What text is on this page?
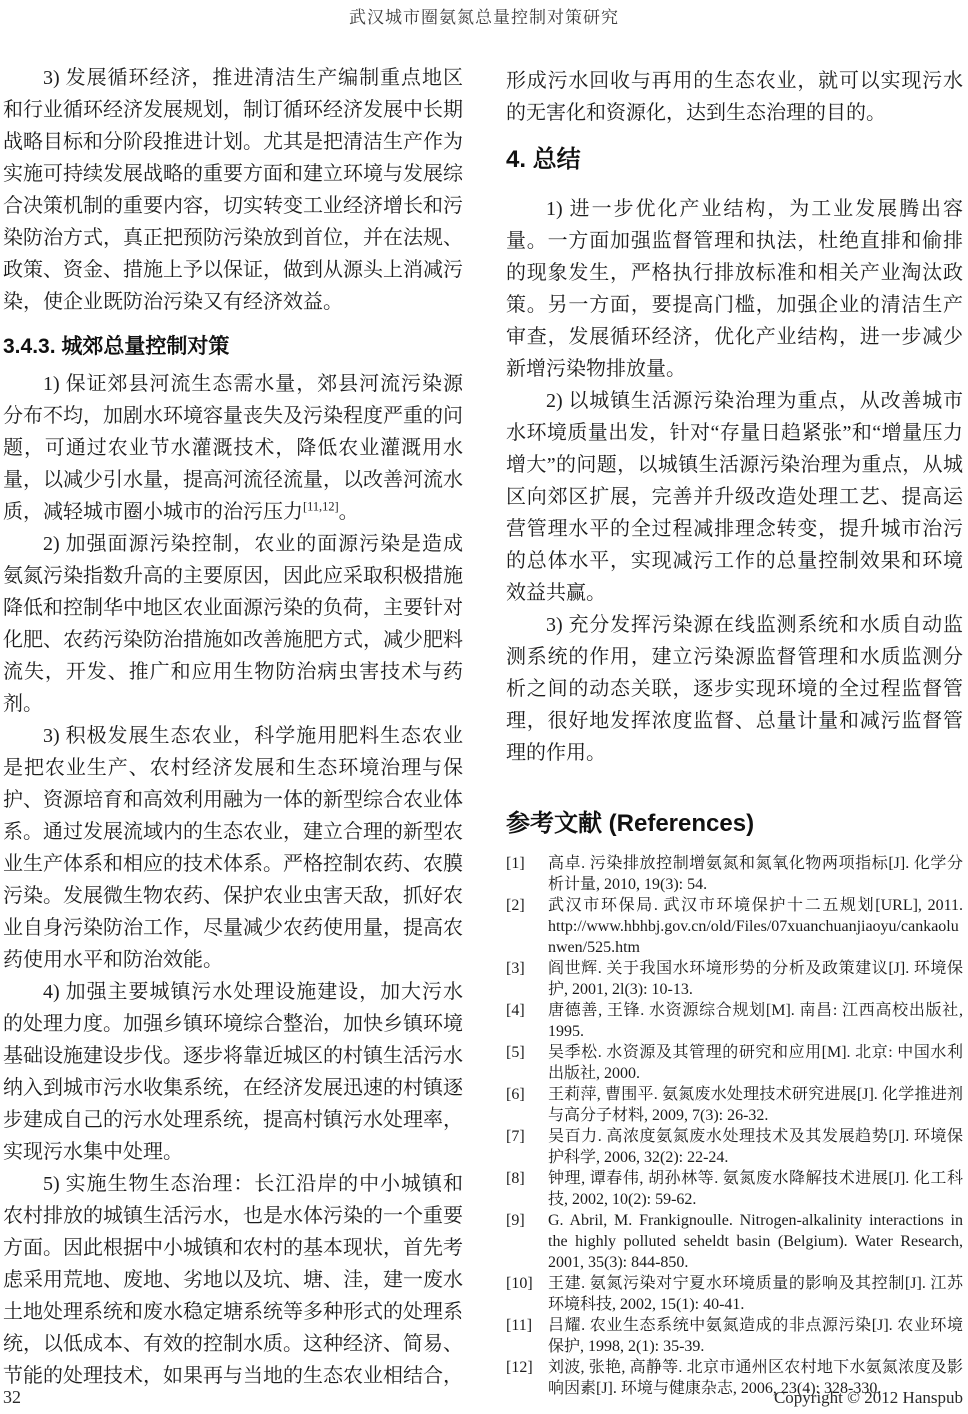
武汉城市圈氨氮总量控制对策研究

3) 发展循环经济，推进清洁生产编制重点地区和行业循环经济发展规划，制订循环经济发展中长期战略目标和分阶段推进计划。尤其是把清洁生产作为实施可持续发展战略的重要方面和建立环境与发展综合决策机制的重要内容，切实转变工业经济增长和污染防治方式，真正把预防污染放到首位，并在法规、政策、资金、措施上予以保证，做到从源头上消减污染，使企业既防治污染又有经济效益。

3.4.3. 城郊总量控制对策

1) 保证郊县河流生态需水量，郊县河流污染源分布不均，加剧水环境容量丧失及污染程度严重的问题，可通过农业节水灌溉技术，降低农业灌溉用水量，以减少引水量，提高河流径流量，以改善河流水质，减轻城市圈小城市的治污压力[11,12]。

2) 加强面源污染控制，农业的面源污染是造成氨氮污染指数升高的主要原因，因此应采取积极措施降低和控制华中地区农业面源污染的负荷，主要针对化肥、农药污染防治措施如改善施肥方式，减少肥料流失，开发、推广和应用生物防治病虫害技术与药剂。

3) 积极发展生态农业，科学施用肥料生态农业是把农业生产、农村经济发展和生态环境治理与保护、资源培育和高效利用融为一体的新型综合农业体系。通过发展流域内的生态农业，建立合理的新型农业生产体系和相应的技术体系。严格控制农药、农膜污染。发展微生物农药、保护农业虫害天敌，抓好农业自身污染防治工作，尽量减少农药使用量，提高农药使用水平和防治效能。

4) 加强主要城镇污水处理设施建设，加大污水的处理力度。加强乡镇环境综合整治，加快乡镇环境基础设施建设步伐。逐步将靠近城区的村镇生活污水纳入到城市污水收集系统，在经济发展迅速的村镇逐步建成自己的污水处理系统，提高村镇污水处理率，实现污水集中处理。

5) 实施生物生态治理：长江沿岸的中小城镇和农村排放的城镇生活污水，也是水体污染的一个重要方面。因此根据中小城镇和农村的基本现状，首先考虑采用荒地、废地、劣地以及坑、塘、洼，建一废水土地处理系统和废水稳定塘系统等多种形式的处理系统，以低成本、有效的控制水质。这种经济、简易、节能的处理技术，如果再与当地的生态农业相结合，

形成污水回收与再用的生态农业，就可以实现污水的无害化和资源化，达到生态治理的目的。

4. 总结

1) 进一步优化产业结构，为工业发展腾出容量。一方面加强监督管理和执法，杜绝直排和偷排的现象发生，严格执行排放标准和相关产业淘汰政策。另一方面，要提高门槛，加强企业的清洁生产审查，发展循环经济，优化产业结构，进一步减少新增污染物排放量。

2) 以城镇生活源污染治理为重点，从改善城市水环境质量出发，针对“存量日趋紧张”和“增量压力增大”的问题，以城镇生活源污染治理为重点，从城区向郊区扩展，完善并升级改造处理工艺、提高运营管理水平的全过程减排理念转变，提升城市治污的总体水平，实现减污工作的总量控制效果和环境效益共赢。

3) 充分发挥污染源在线监测系统和水质自动监测系统的作用，建立污染源监督管理和水质监测分析之间的动态关联，逐步实现环境的全过程监督管理，很好地发挥浓度监督、总量计量和减污监督管理的作用。

参考文献 (References)

[1] 高卓. 污染排放控制增氨氮和氮氧化物两项指标[J]. 化学分析计量, 2010, 19(3): 54.

[2] 武汉市环保局. 武汉市环境保护十二五规划[URL], 2011. http://www.hbhbj.gov.cn/old/Files/07xuanchuanjiaoyu/cankaolunwen/525.htm

[3] 阎世辉. 关于我国水环境形势的分析及政策建议[J]. 环境保护, 2001, 2l(3): 10-13.

[4] 唐德善, 王锋. 水资源综合规划[M]. 南昌: 江西高校出版社, 1995.

[5] 吴季松. 水资源及其管理的研究和应用[M]. 北京: 中国水利出版社, 2000.

[6] 王莉萍, 曹围平. 氨氮废水处理技术研究进展[J]. 化学推进剂与高分子材料, 2009, 7(3): 26-32.

[7] 吴百力. 高浓度氨氮废水处理技术及其发展趋势[J]. 环境保护科学, 2006, 32(2): 22-24.

[8] 钟理, 谭春伟, 胡孙林等. 氨氮废水降解技术进展[J]. 化工科技, 2002, 10(2): 59-62.

[9] G. Abril, M. Frankignoulle. Nitrogen-alkalinity interactions in the highly polluted seheldt basin (Belgium). Water Research, 2001, 35(3): 844-850.

[10] 王建. 氨氮污染对宁夏水环境质量的影响及其控制[J]. 江苏环境科技, 2002, 15(1): 40-41.

[11] 吕耀. 农业生态系统中氨氮造成的非点源污染[J]. 农业环境保护, 1998, 2(1): 35-39.

[12] 刘波, 张艳, 高静等. 北京市通州区农村地下水氨氮浓度及影响因素[J]. 环境与健康杂志, 2006, 23(4): 328-330.

32	Copyright © 2012 Hanspub
